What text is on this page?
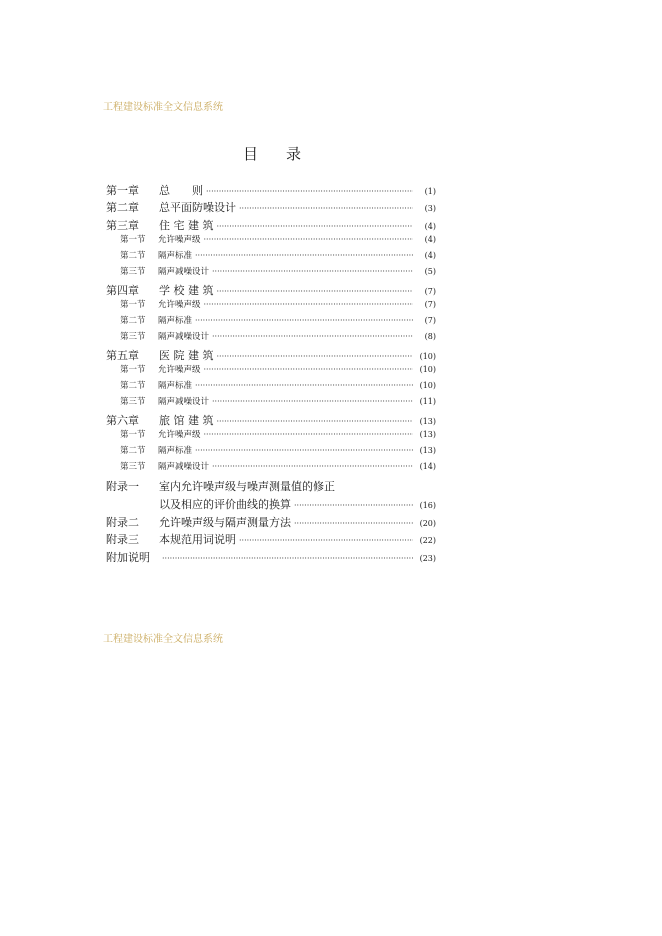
工程建设标准全文信息系统
目 录
第一章	总　　则 ·····	(1)
第二章	总平面防噪设计 ·····	(3)
第三章	住 宅 建 筑 ·····	(4)
第一节	允许噪声级 ·····	(4)
第二节	隔声标准 ·····	(4)
第三节	隔声减噪设计 ·····	(5)
第四章	学 校 建 筑 ·····	(7)
第一节	允许噪声级 ·····	(7)
第二节	隔声标准 ·····	(7)
第三节	隔声减噪设计 ·····	(8)
第五章	医 院 建 筑 ·····	(10)
第一节	允许噪声级 ·····	(10)
第二节	隔声标准 ·····	(10)
第三节	隔声减噪设计 ·····	(11)
第六章	旅 馆 建 筑 ·····	(13)
第一节	允许噪声级 ·····	(13)
第二节	隔声标准 ·····	(13)
第三节	隔声减噪设计 ·····	(14)
附录一	室内允许噪声级与噪声测量值的修正
以及相应的评价曲线的换算 ·····	(16)
附录二	允许噪声级与隔声测量方法 ·····	(20)
附录三	本规范用词说明 ·····	(22)
附加说明 ·····	(23)
工程建设标准全文信息系统
